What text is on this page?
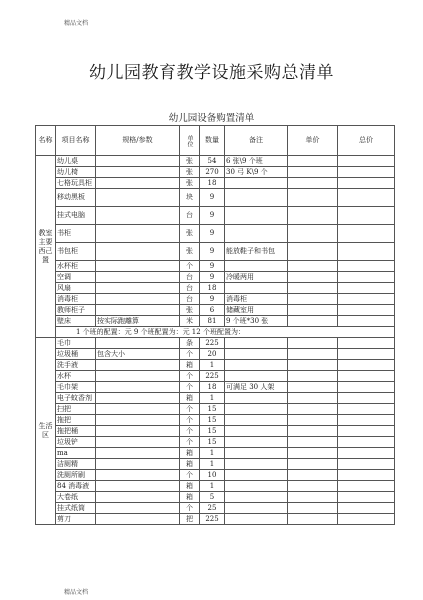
精品文档
幼儿园教育教学设施采购总清单
幼儿园设备购置清单
名称	项目名称	规格/参数	单位	数量	备注	单价	总价
教室主要西己置	幼儿桌		张	54	6 张\9 个班		
	幼儿椅		张	270	30 弓 K\9 个		
	七格玩具柜		张	18			
	移动黑板		块	9			
	挂式电脑		台	9			
	书柜		张	9			
	书包柜		张	9	能放鞋子和书包		
	水杯柜		个	9			
	空调		台	9	冷暖两用		
	风扇		台	18			
	消毒柜		台	9	消毒柜		
	教师柜子		张	6	储藏室用		
	壁床	按实际跑離算	米	81	9 个班*30 张		
	1 个班的配置：元 9 个班配置为：元 12 个班配置为：						
生活区	毛巾		条	225			
	垃圾桶	包含大小	个	20			
	洗手液		箱	1			
	水杯		个	225			
	毛巾架		个	18	可满足 30 人架		
	电子蚊香剂		箱	1			
	扫把		个	15			
	拖把		个	15			
	拖把桶		个	15			
	垃圾铲		个	15			
	ma		箱	1			
	洁厕精		箱	1			
	洗厕所刷		个	10			
	84 消毒液		箱	1			
	大卷纸		箱	5			
	挂式纸筒		个	25			
	剪刀		把	225			
精品文档
